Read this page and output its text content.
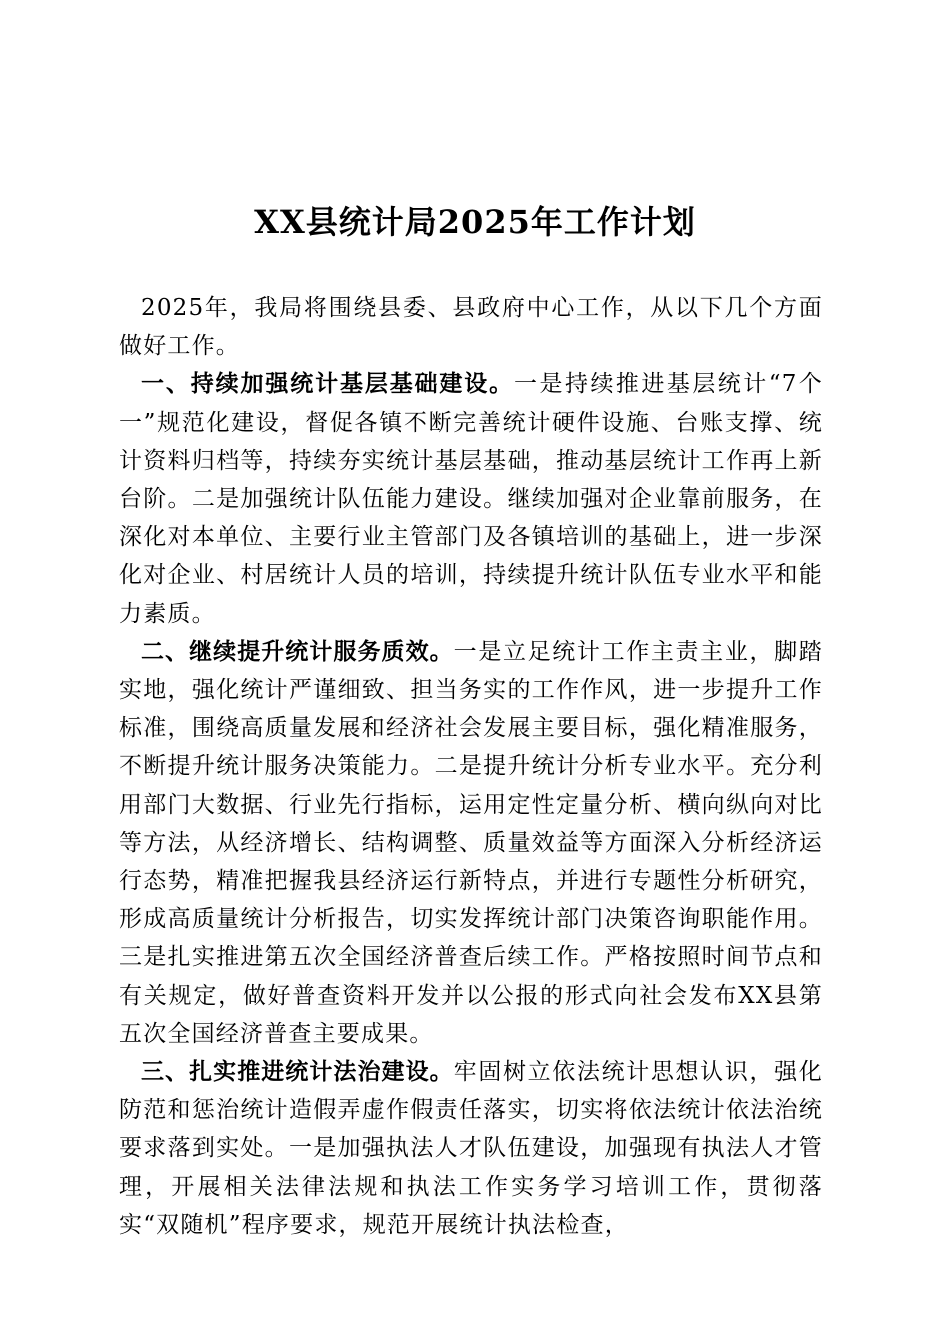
XX县统计局2025年工作计划

2025年，我局将围绕县委、县政府中心工作，从以下几个方面做好工作。

一、持续加强统计基层基础建设。一是持续推进基层统计“7个一”规范化建设，督促各镇不断完善统计硬件设施、台账支撑、统计资料归档等，持续夯实统计基层基础，推动基层统计工作再上新台阶。二是加强统计队伍能力建设。继续加强对企业靠前服务，在深化对本单位、主要行业主管部门及各镇培训的基础上，进一步深化对企业、村居统计人员的培训，持续提升统计队伍专业水平和能力素质。

二、继续提升统计服务质效。一是立足统计工作主责主业，脚踏实地，强化统计严谨细致、担当务实的工作作风，进一步提升工作标准，围绕高质量发展和经济社会发展主要目标，强化精准服务，不断提升统计服务决策能力。二是提升统计分析专业水平。充分利用部门大数据、行业先行指标，运用定性定量分析、横向纵向对比等方法，从经济增长、结构调整、质量效益等方面深入分析经济运行态势，精准把握我县经济运行新特点，并进行专题性分析研究，形成高质量统计分析报告，切实发挥统计部门决策咨询职能作用。三是扎实推进第五次全国经济普查后续工作。严格按照时间节点和有关规定，做好普查资料开发并以公报的形式向社会发布XX县第五次全国经济普查主要成果。

三、扎实推进统计法治建设。牢固树立依法统计思想认识，强化防范和惩治统计造假弄虚作假责任落实，切实将依法统计依法治统要求落到实处。一是加强执法人才队伍建设，加强现有执法人才管理，开展相关法律法规和执法工作实务学习培训工作，贯彻落实“双随机”程序要求，规范开展统计执法检查，
